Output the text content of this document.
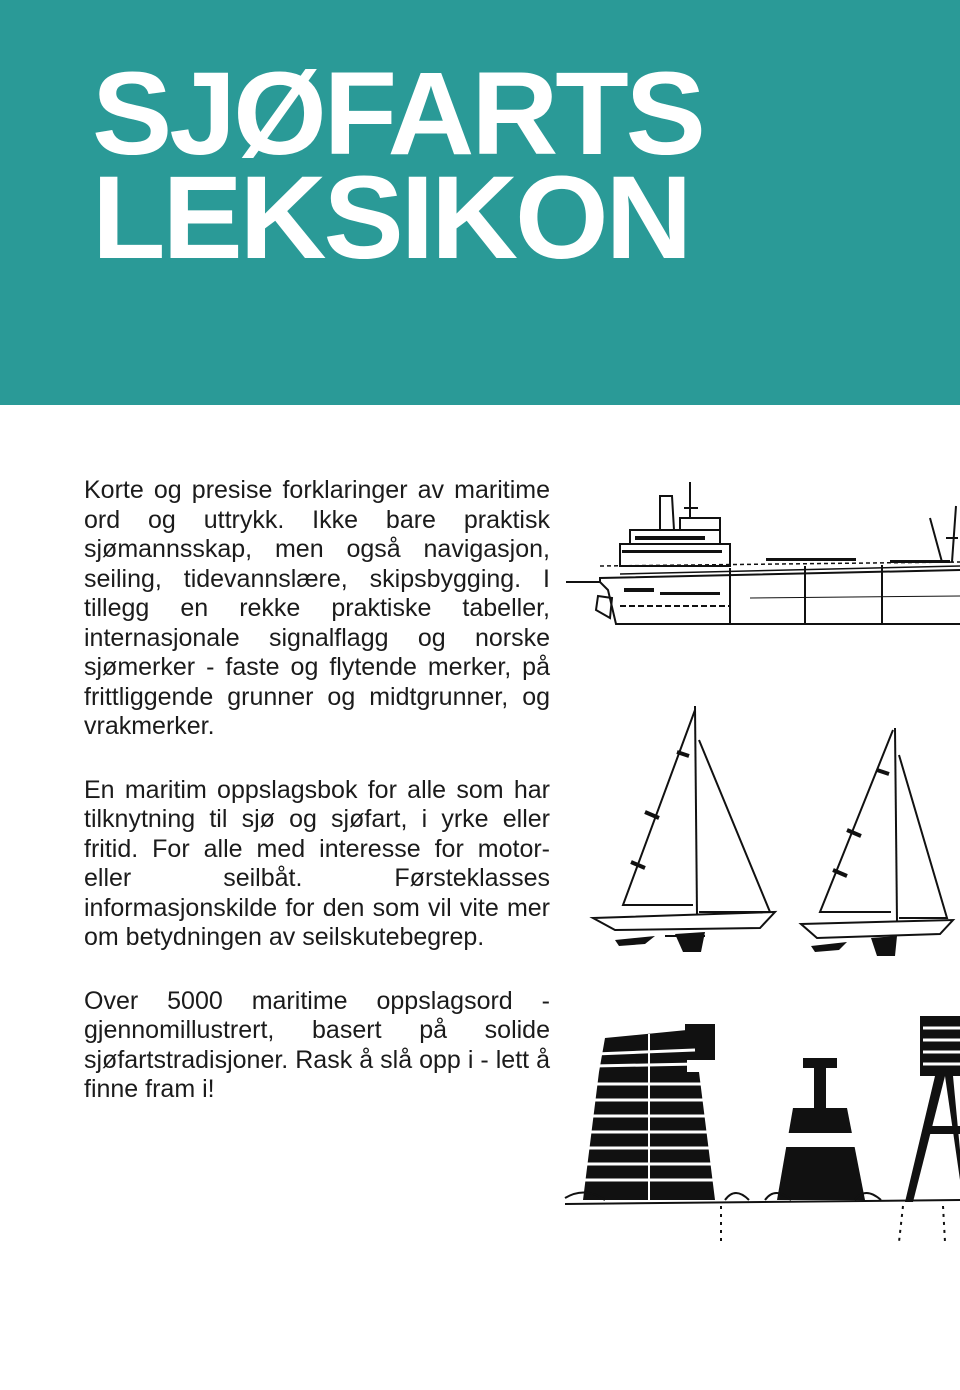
SJØFARTS
LEKSIKON

Korte og presise forklaringer av maritime ord og uttrykk. Ikke bare praktisk sjømannsskap, men også navigasjon, seiling, tidevannslære, skipsbygging. I tillegg en rekke praktiske tabeller, internasjonale signalflagg og norske sjømerker - faste og flytende merker, på frittliggende grunner og midtgrunner, og vrakmerker.

En maritim oppslagsbok for alle som har tilknytning til sjø og sjøfart, i yrke eller fritid. For alle med interesse for motor- eller seilbåt. Førsteklasses informasjonskilde for den som vil vite mer om betydningen av seilskutebegrep.

Over 5000 maritime oppslagsord - gjennomillustrert, basert på solide sjøfartstradisjoner. Rask å slå opp i - lett å finne fram i!
